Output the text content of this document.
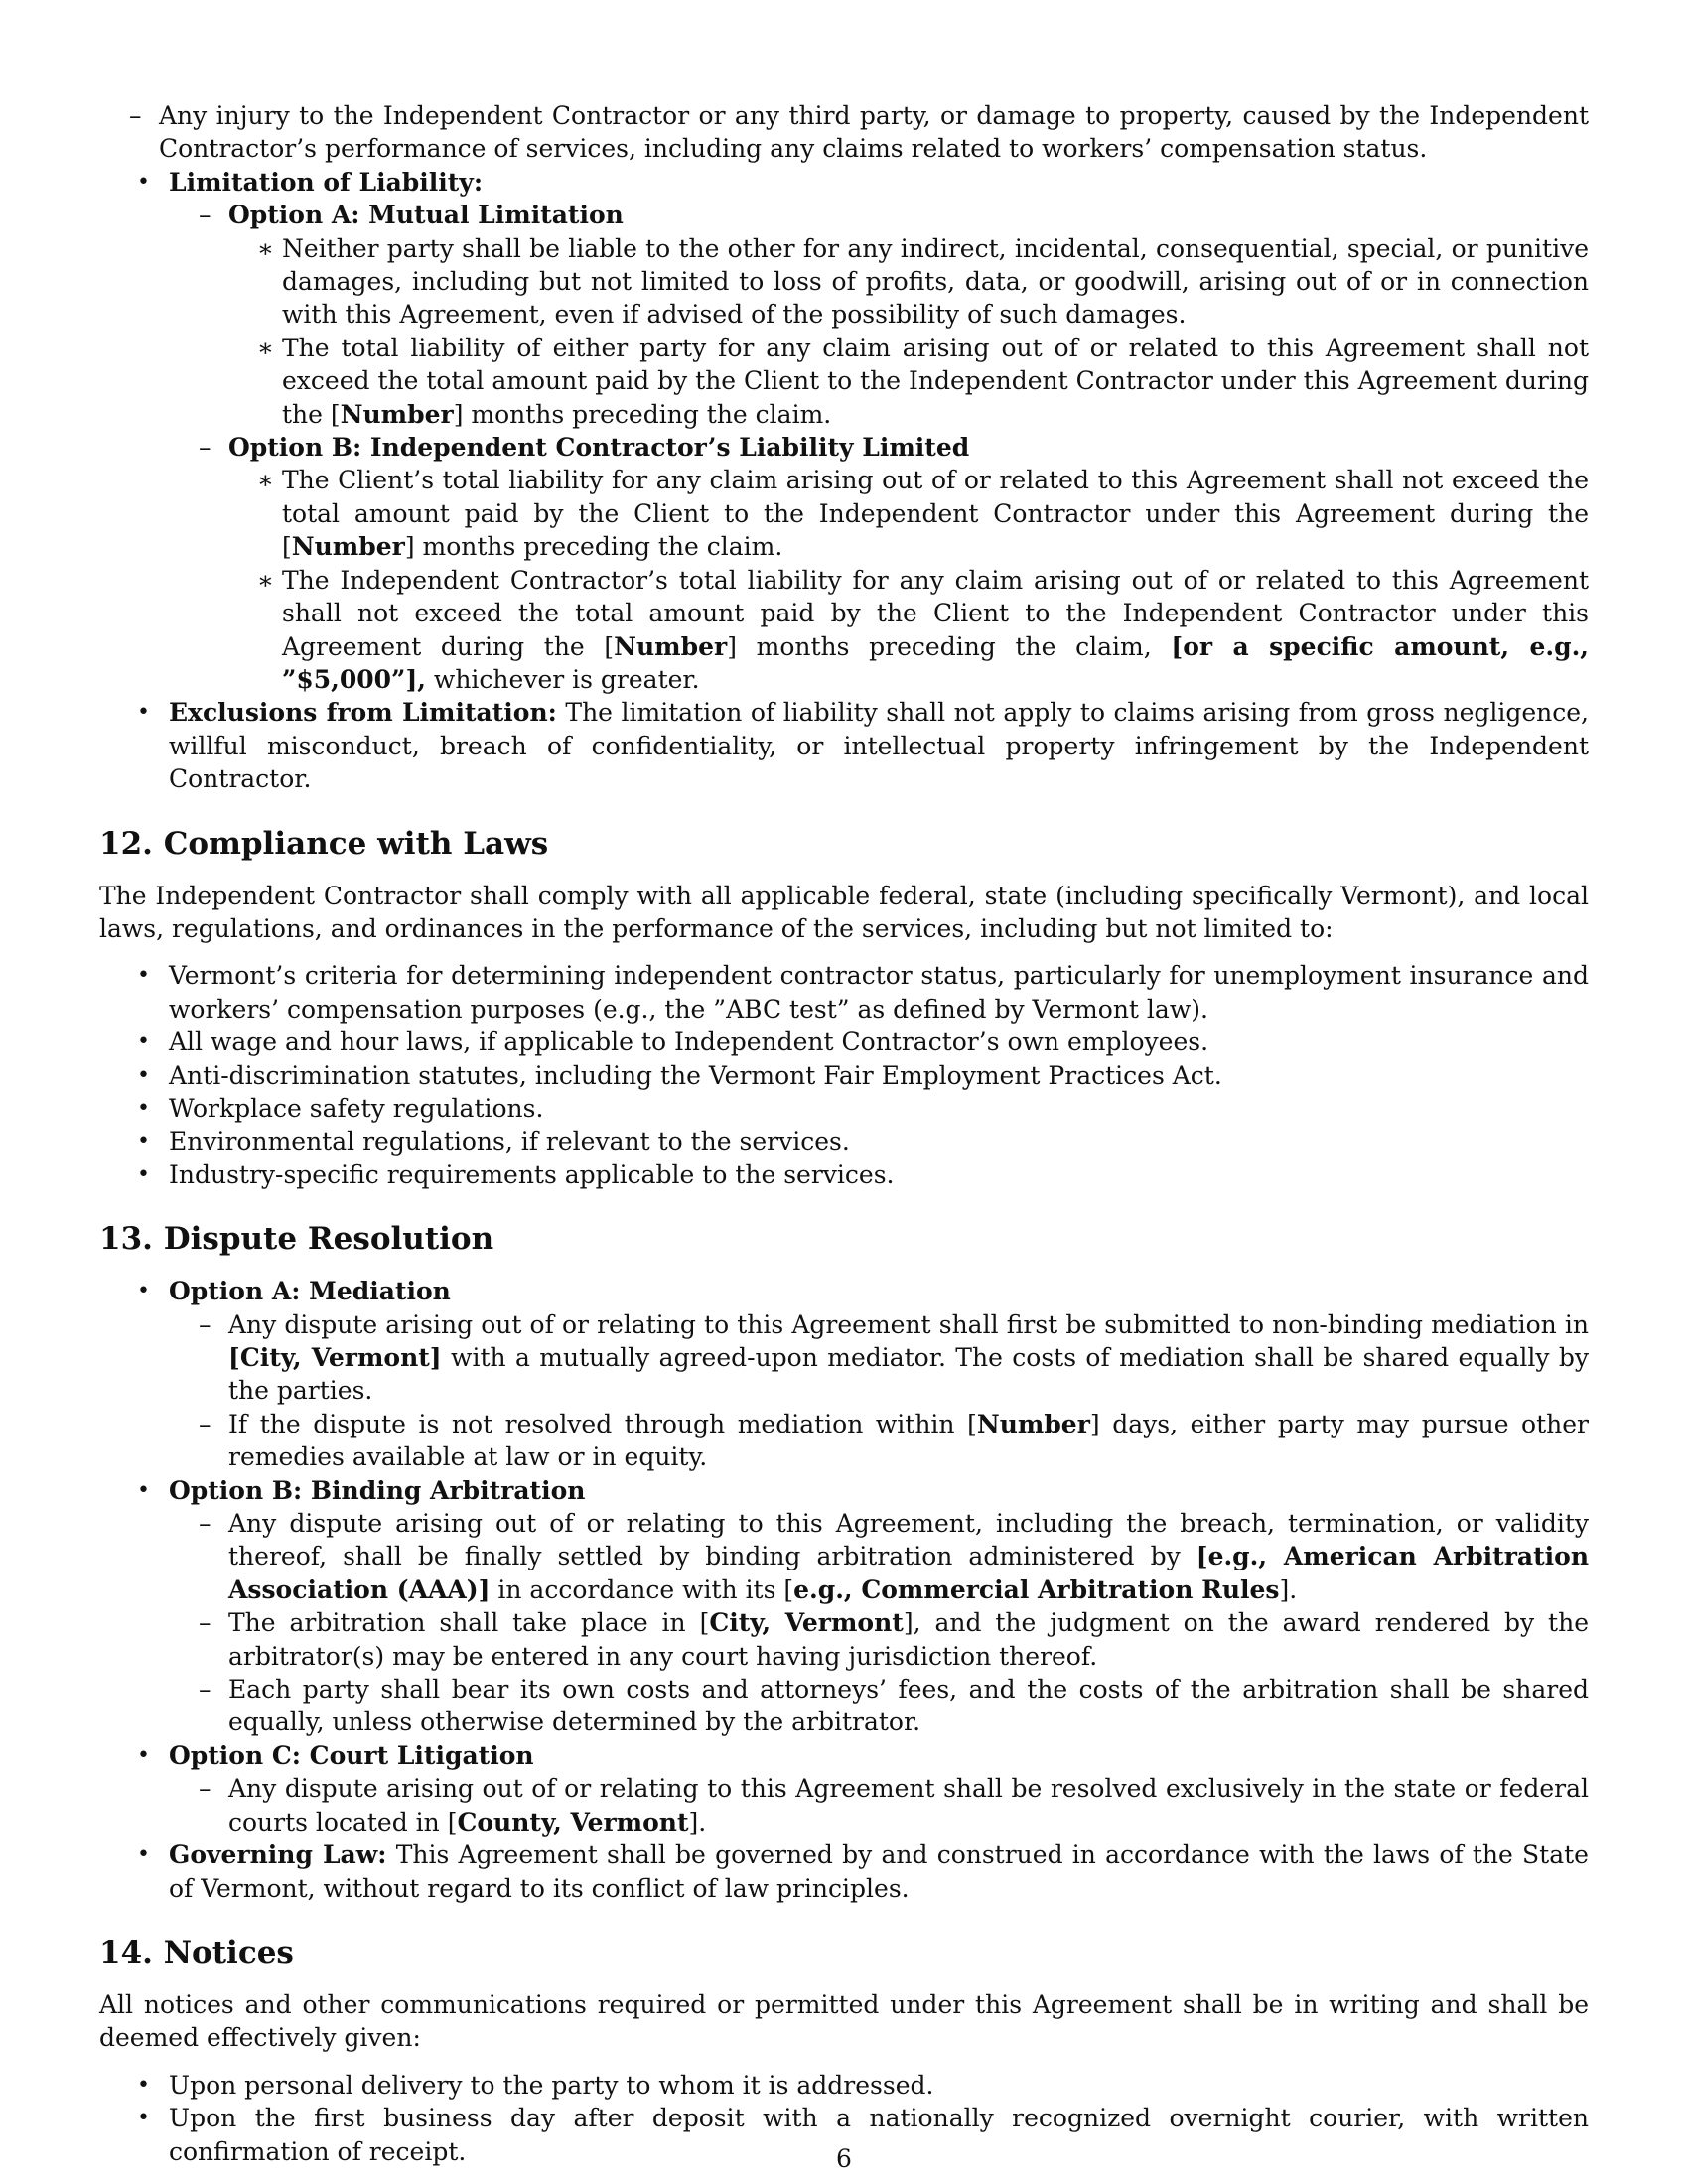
– Any injury to the Independent Contractor or any third party, or damage to property, caused by the Independent Contractor’s performance of services, including any claims related to workers’ compensation status.
• Limitation of Liability:
– Option A: Mutual Limitation
∗ Neither party shall be liable to the other for any indirect, incidental, consequential, special, or punitive damages, including but not limited to loss of profits, data, or goodwill, arising out of or in connection with this Agreement, even if advised of the possibility of such damages.
∗ The total liability of either party for any claim arising out of or related to this Agreement shall not exceed the total amount paid by the Client to the Independent Contractor under this Agreement during the [Number] months preceding the claim.
– Option B: Independent Contractor’s Liability Limited
∗ The Client’s total liability for any claim arising out of or related to this Agreement shall not exceed the total amount paid by the Client to the Independent Contractor under this Agreement during the [Number] months preceding the claim.
∗ The Independent Contractor’s total liability for any claim arising out of or related to this Agreement shall not exceed the total amount paid by the Client to the Independent Contractor under this Agreement during the [Number] months preceding the claim, [or a specific amount, e.g., ”$5,000”], whichever is greater.
• Exclusions from Limitation: The limitation of liability shall not apply to claims arising from gross negligence, willful misconduct, breach of confidentiality, or intellectual property infringement by the Independent Contractor.
12. Compliance with Laws

The Independent Contractor shall comply with all applicable federal, state (including specifically Vermont), and local laws, regulations, and ordinances in the performance of the services, including but not limited to:

• Vermont’s criteria for determining independent contractor status, particularly for unemployment insurance and workers’ compensation purposes (e.g., the ”ABC test” as defined by Vermont law).
• All wage and hour laws, if applicable to Independent Contractor’s own employees.
• Anti-discrimination statutes, including the Vermont Fair Employment Practices Act.
• Workplace safety regulations.
• Environmental regulations, if relevant to the services.
• Industry-specific requirements applicable to the services.
13. Dispute Resolution
• Option A: Mediation
– Any dispute arising out of or relating to this Agreement shall first be submitted to non-binding mediation in [City, Vermont] with a mutually agreed-upon mediator. The costs of mediation shall be shared equally by the parties.
– If the dispute is not resolved through mediation within [Number] days, either party may pursue other remedies available at law or in equity.
• Option B: Binding Arbitration
– Any dispute arising out of or relating to this Agreement, including the breach, termination, or validity thereof, shall be finally settled by binding arbitration administered by [e.g., American Arbitration Association (AAA)] in accordance with its [e.g., Commercial Arbitration Rules].
– The arbitration shall take place in [City, Vermont], and the judgment on the award rendered by the arbitrator(s) may be entered in any court having jurisdiction thereof.
– Each party shall bear its own costs and attorneys’ fees, and the costs of the arbitration shall be shared equally, unless otherwise determined by the arbitrator.
• Option C: Court Litigation
– Any dispute arising out of or relating to this Agreement shall be resolved exclusively in the state or federal courts located in [County, Vermont].
• Governing Law: This Agreement shall be governed by and construed in accordance with the laws of the State of Vermont, without regard to its conflict of law principles.
14. Notices

All notices and other communications required or permitted under this Agreement shall be in writing and shall be deemed effectively given:

• Upon personal delivery to the party to whom it is addressed.
• Upon the first business day after deposit with a nationally recognized overnight courier, with written confirmation of receipt.	6
